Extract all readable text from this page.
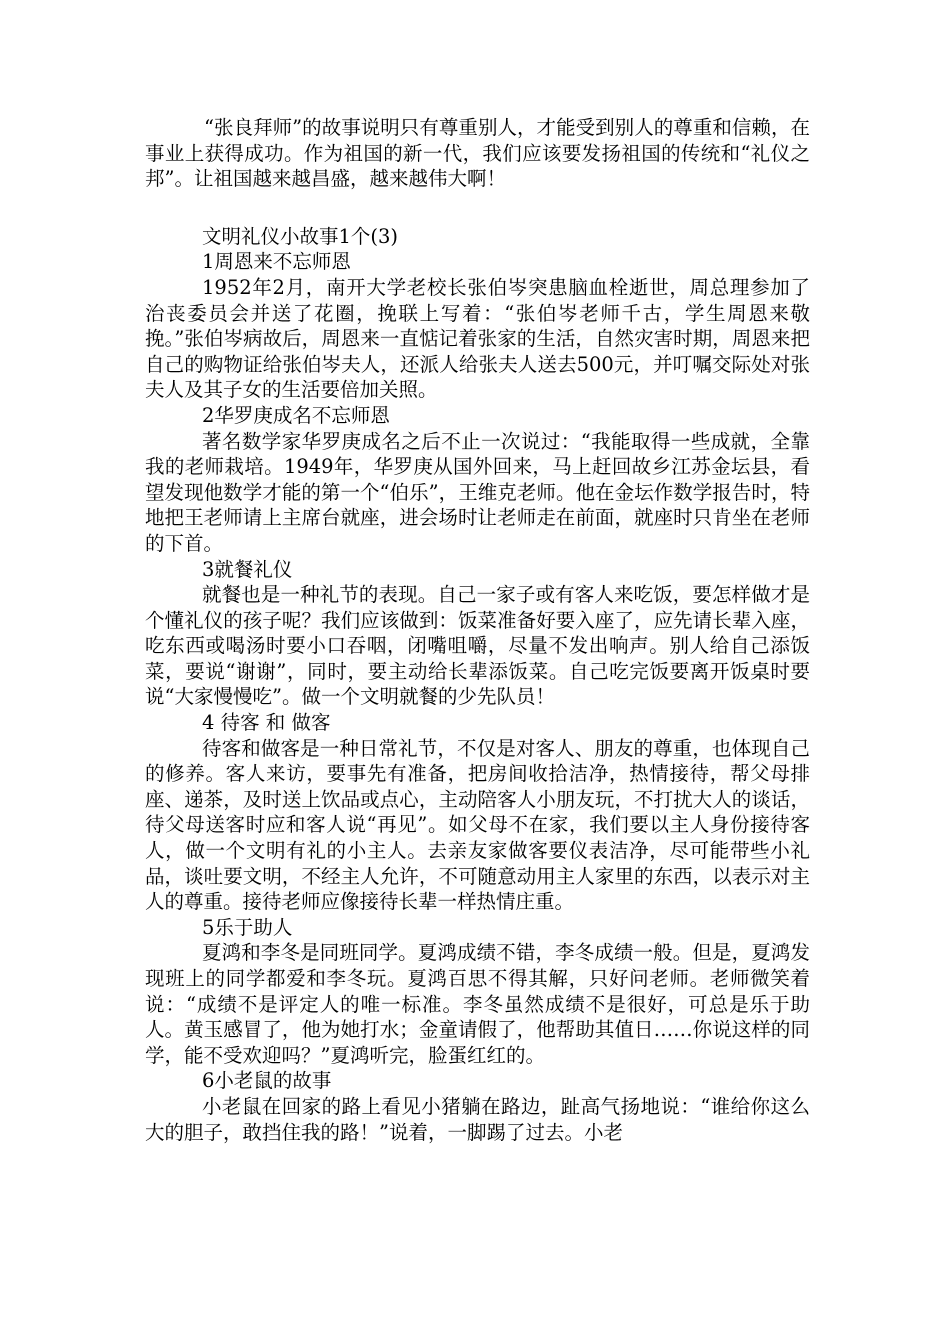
“张良拜师”的故事说明只有尊重别人，才能受到别人的尊重和信赖，在事业上获得成功。作为祖国的新一代，我们应该要发扬祖国的传统和“礼仪之邦”。让祖国越来越昌盛，越来越伟大啊！

文明礼仪小故事1个(3)

1周恩来不忘师恩

1952年2月，南开大学老校长张伯岑突患脑血栓逝世，周总理参加了治丧委员会并送了花圈，挽联上写着：“张伯岑老师千古，学生周恩来敬挽。”张伯岑病故后，周恩来一直惦记着张家的生活，自然灾害时期，周恩来把自己的购物证给张伯岑夫人，还派人给张夫人送去500元，并叮嘱交际处对张夫人及其子女的生活要倍加关照。

2华罗庚成名不忘师恩

著名数学家华罗庚成名之后不止一次说过：“我能取得一些成就，全靠我的老师栽培。1949年，华罗庚从国外回来，马上赶回故乡江苏金坛县，看望发现他数学才能的第一个“伯乐”，王维克老师。他在金坛作数学报告时，特地把王老师请上主席台就座，进会场时让老师走在前面，就座时只肯坐在老师的下首。

3就餐礼仪

就餐也是一种礼节的表现。自己一家子或有客人来吃饭，要怎样做才是个懂礼仪的孩子呢？我们应该做到：饭菜准备好要入座了，应先请长辈入座，吃东西或喝汤时要小口吞咽，闭嘴咀嚼，尽量不发出响声。别人给自己添饭菜，要说“谢谢”，同时，要主动给长辈添饭菜。自己吃完饭要离开饭桌时要说“大家慢慢吃”。做一个文明就餐的少先队员！

4 待客 和 做客

待客和做客是一种日常礼节，不仅是对客人、朋友的尊重，也体现自己的修养。客人来访，要事先有准备，把房间收拾洁净，热情接待，帮父母排座、递茶，及时送上饮品或点心，主动陪客人小朋友玩，不打扰大人的谈话，待父母送客时应和客人说“再见”。如父母不在家，我们要以主人身份接待客人，做一个文明有礼的小主人。去亲友家做客要仪表洁净，尽可能带些小礼品，谈吐要文明，不经主人允许，不可随意动用主人家里的东西，以表示对主人的尊重。接待老师应像接待长辈一样热情庄重。

5乐于助人

夏鸿和李冬是同班同学。夏鸿成绩不错，李冬成绩一般。但是，夏鸿发现班上的同学都爱和李冬玩。夏鸿百思不得其解，只好问老师。老师微笑着说：“成绩不是评定人的唯一标准。李冬虽然成绩不是很好，可总是乐于助人。黄玉感冒了，他为她打水；金童请假了，他帮助其值日……你说这样的同学，能不受欢迎吗？”夏鸿听完，脸蛋红红的。

6小老鼠的故事

小老鼠在回家的路上看见小猪躺在路边，趾高气扬地说：“谁给你这么大的胆子，敢挡住我的路！”说着，一脚踢了过去。小老
